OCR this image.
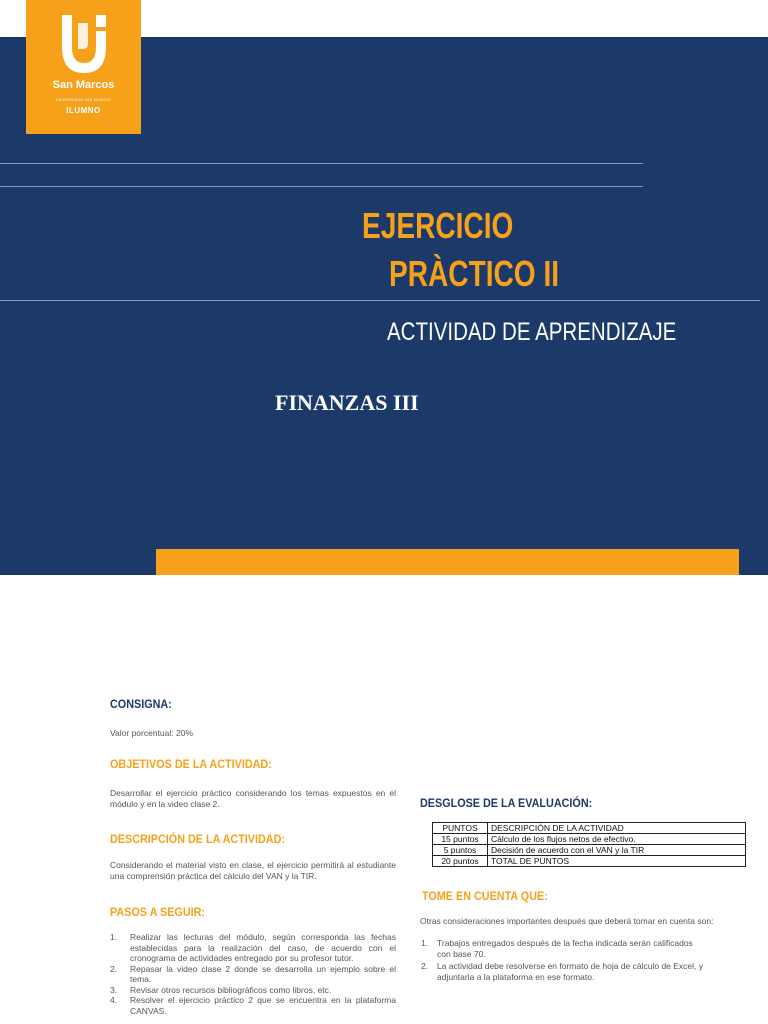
San Marcos
UNIVERSIDAD SAN MARCOS
ILUMNO
EJERCICIO
PRÀCTICO II
ACTIVIDAD DE APRENDIZAJE
FINANZAS III
CONSIGNA:
Valor porcentual: 20%
OBJETIVOS DE LA ACTIVIDAD:
Desarrollar el ejercicio práctico considerando los temas expuestos en el módulo y en la video clase 2.
DESCRIPCIÓN DE LA ACTIVIDAD:
Considerando el material visto en clase, el ejercicio permitirá al estudiante una comprensión práctica del cálculo del VAN y la TIR.
PASOS A SEGUIR:
1. Realizar las lecturas del módulo, según corresponda las fechas establecidas para la realización del caso, de acuerdo con el cronograma de actividades entregado por su profesor tutor.
2. Repasar la video clase 2 donde se desarrolla un ejemplo sobre el tema.
3. Revisar otros recursos bibliográficos como libros, etc.
4. Resolver el ejercicio práctico 2 que se encuentra en la plataforma CANVAS.
DESGLOSE DE LA EVALUACIÓN:
PUNTOS	DESCRIPCIÓN DE LA ACTIVIDAD
15 puntos	Cálculo de los flujos netos de efectivo.
5 puntos	Decisión de acuerdo con el VAN y la TIR
20 puntos	TOTAL DE PUNTOS
TOME EN CUENTA QUE:
Otras consideraciones importantes después que deberá tomar en cuenta son:
1. Trabajos entregados después de la fecha indicada serán calificados con base 70.
2. La actividad debe resolverse en formato de hoja de cálculo de Excel, y adjuntarla a la plataforma en ese formato.
